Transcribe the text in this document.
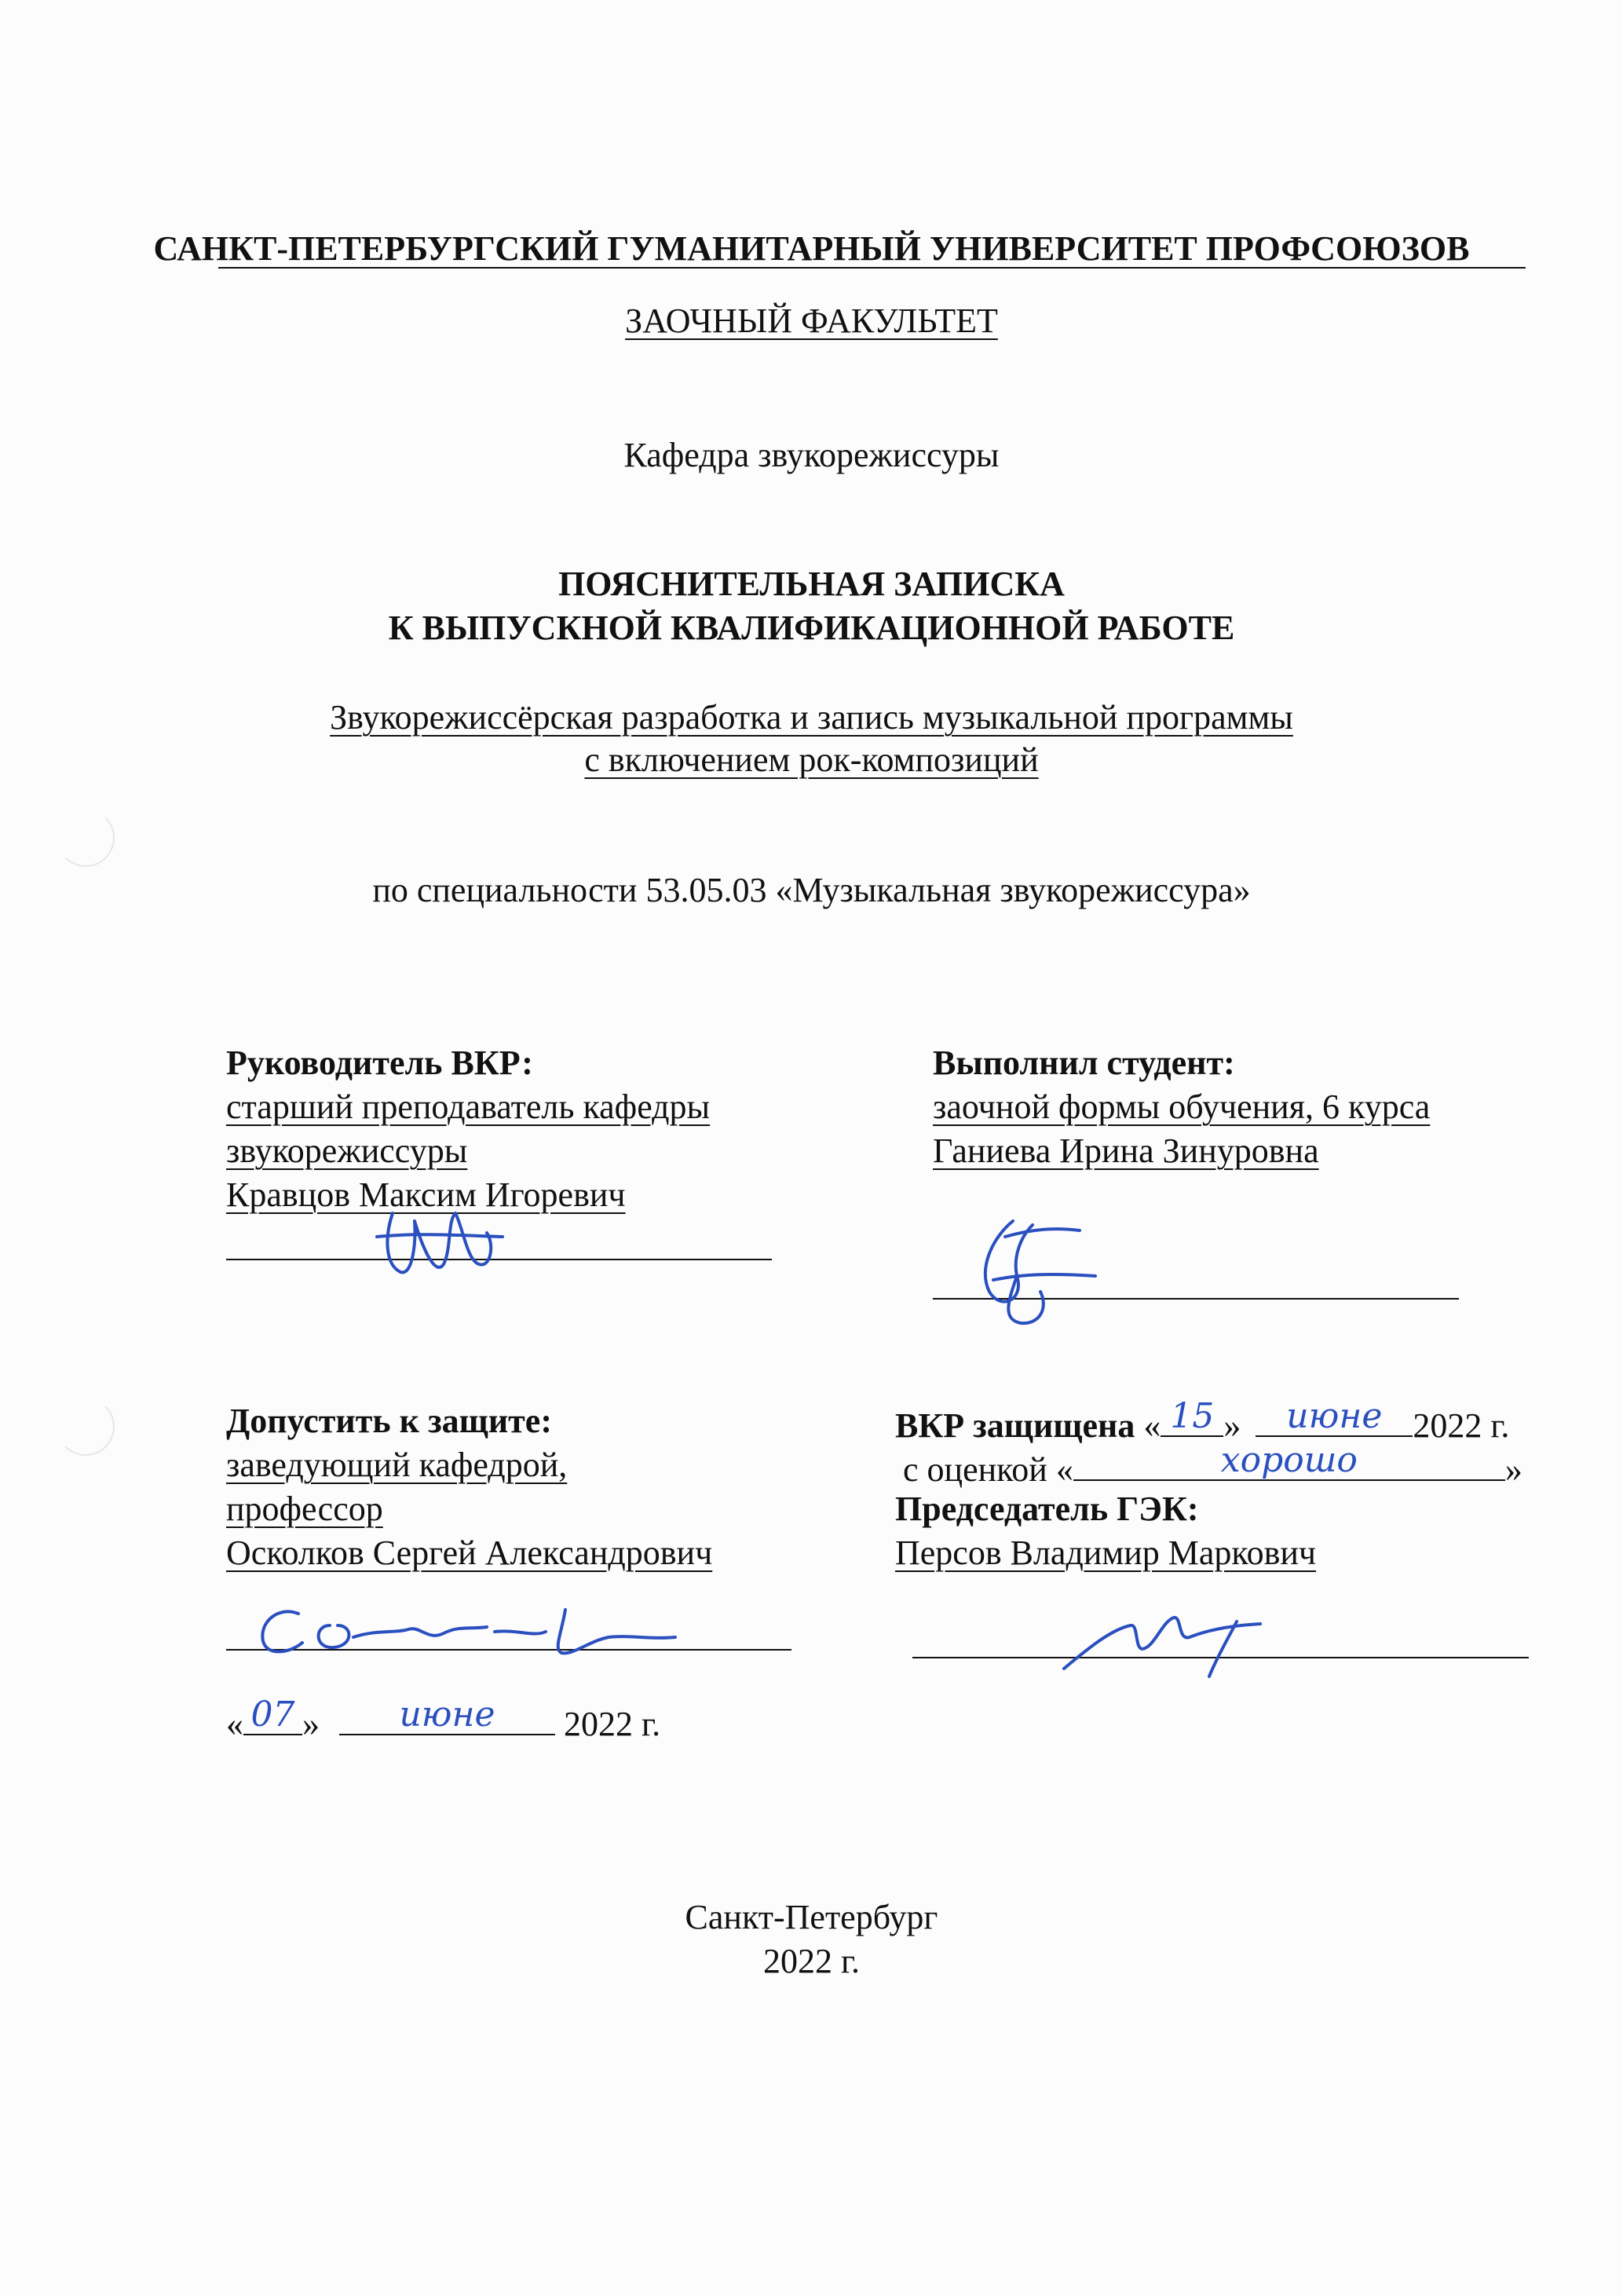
САНКТ-ПЕТЕРБУРГСКИЙ ГУМАНИТАРНЫЙ УНИВЕРСИТЕТ ПРОФСОЮЗОВ
ЗАОЧНЫЙ ФАКУЛЬТЕТ
Кафедра звукорежиссуры
ПОЯСНИТЕЛЬНАЯ ЗАПИСКА
К ВЫПУСКНОЙ КВАЛИФИКАЦИОННОЙ РАБОТЕ
Звукорежиссёрская разработка и запись музыкальной программы
с включением рок-композиций
по специальности 53.05.03 «Музыкальная звукорежиссура»
Руководитель ВКР:
старший преподаватель кафедры
звукорежиссуры
Кравцов Максим Игоревич
Выполнил студент:
заочной формы обучения, 6 курса
Ганиева Ирина Зинуровна
Допустить к защите:
заведующий кафедрой,
профессор
Осколков Сергей Александрович
« 07 »	июне	2022 г.
ВКР защищена « 15 »	июне 2022 г.
с оценкой «	хорошо	»
Председатель ГЭК:
Персов Владимир Маркович
Санкт-Петербург
2022 г.
